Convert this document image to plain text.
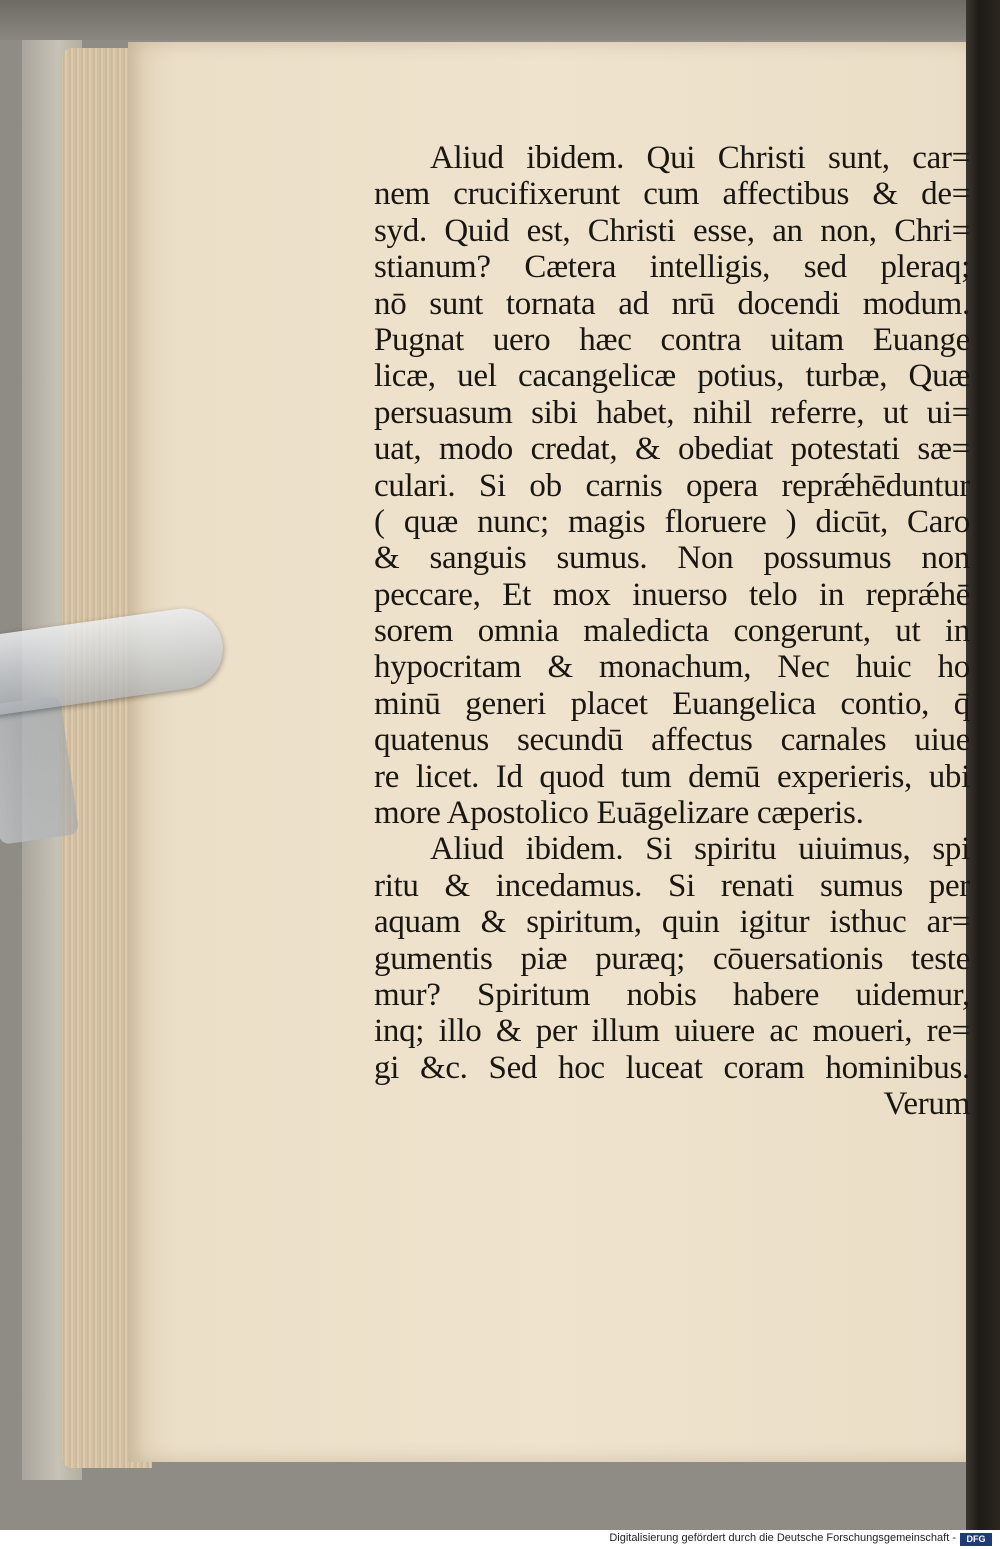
Aliud ibidem. Qui Christi sunt, car=
nem crucifixerunt cum affectibus & de=
syd. Quid est, Christi esse, an non, Chri=
stianum? Cætera intelligis, sed pleraq;
nō sunt tornata ad nrū docendi modum.
Pugnat uero hæc contra uitam Euange
licæ, uel cacangelicæ potius, turbæ, Quæ
persuasum sibi habet, nihil referre, ut ui=
uat, modo credat, & obediat potestati sæ=
culari. Si ob carnis opera reprǽhēduntur
( quæ nunc; magis floruere ) dicūt, Caro
& sanguis sumus. Non possumus non
peccare, Et mox inuerso telo in reprǽhē
sorem omnia maledicta congerunt, ut in
hypocritam & monachum, Nec huic ho
minū generi placet Euangelica contio, q̄
quatenus secundū affectus carnales uiue
re licet. Id quod tum demū experieris, ubi
more Apostolico Euāgelizare cæperis.
Aliud ibidem. Si spiritu uiuimus, spi
ritu & incedamus. Si renati sumus per
aquam & spiritum, quin igitur isthuc ar=
gumentis piæ puræq; cōuersationis teste
mur? Spiritum nobis habere uidemur,
inq; illo & per illum uiuere ac moueri, re=
gi &c. Sed hoc luceat coram hominibus.
Verum
Digitalisierung gefördert durch die Deutsche Forschungsgemeinschaft -	DFG
